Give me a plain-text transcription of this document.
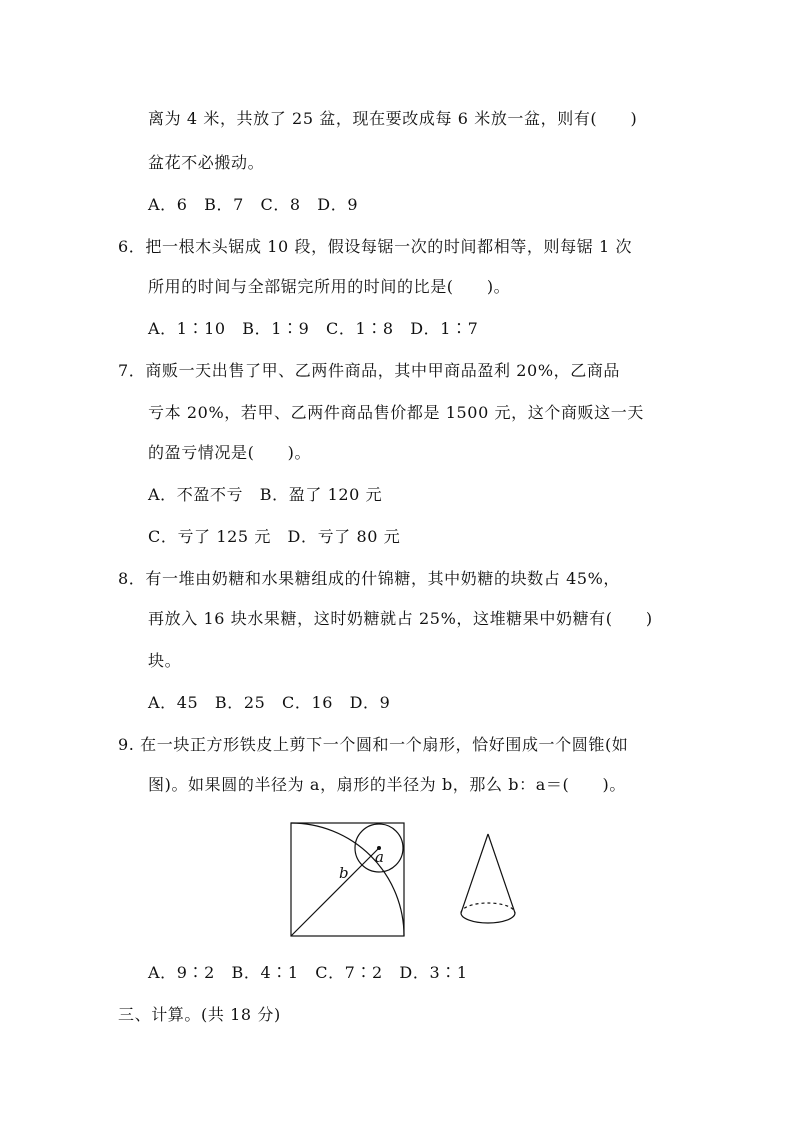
离为 4 米，共放了 25 盆，现在要改成每 6 米放一盆，则有(　　)
盆花不必搬动。
A．6　B．7　C．8　D．9
6．把一根木头锯成 10 段，假设每锯一次的时间都相等，则每锯 1 次
所用的时间与全部锯完所用的时间的比是(　　)。
A．1∶10　B．1∶9　C．1∶8　D．1∶7
7．商贩一天出售了甲、乙两件商品，其中甲商品盈利 20%，乙商品
亏本 20%，若甲、乙两件商品售价都是 1500 元，这个商贩这一天
的盈亏情况是(　　)。
A．不盈不亏　B．盈了 120 元
C．亏了 125 元　D．亏了 80 元
8．有一堆由奶糖和水果糖组成的什锦糖，其中奶糖的块数占 45%，
再放入 16 块水果糖，这时奶糖就占 25%，这堆糖果中奶糖有(　　)
块。
A．45　B．25　C．16　D．9
9. 在一块正方形铁皮上剪下一个圆和一个扇形，恰好围成一个圆锥(如
图)。如果圆的半径为 a，扇形的半径为 b，那么 b：a＝(　　)。
a
b
A．9∶2　B．4∶1　C．7∶2　D．3∶1
三、计算。(共 18 分)
